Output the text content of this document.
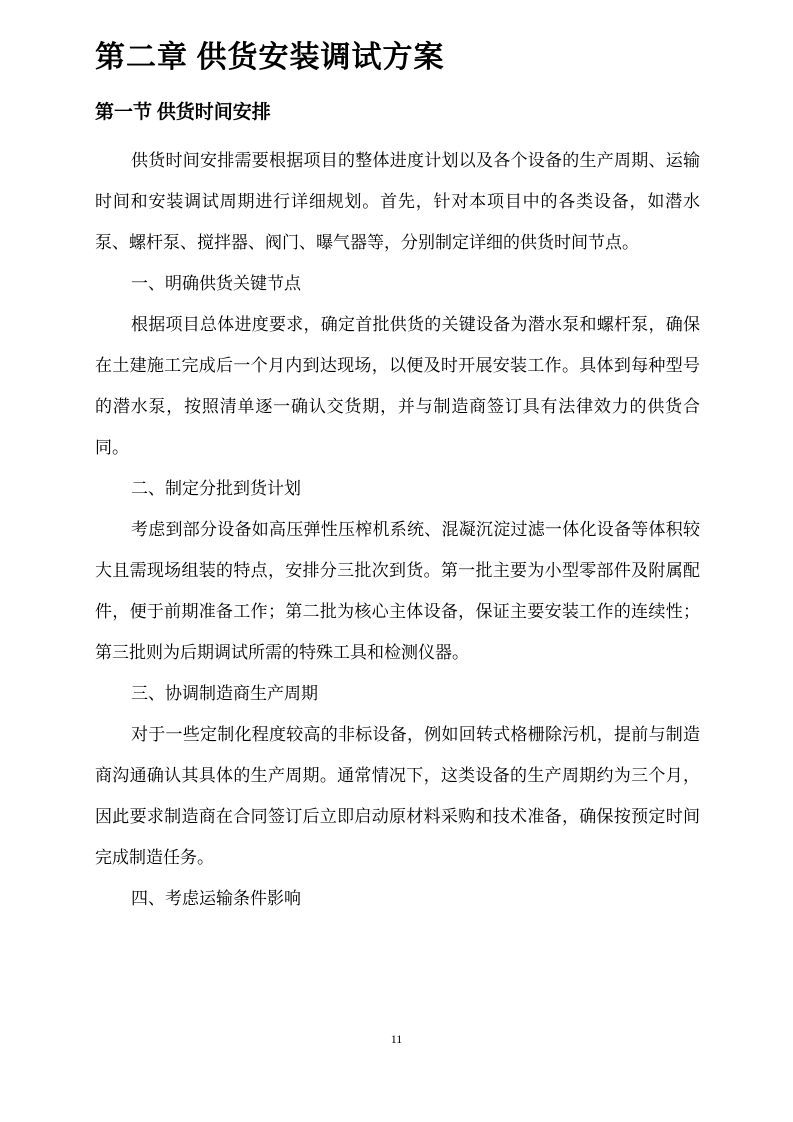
第二章 供货安装调试方案
第一节 供货时间安排

供货时间安排需要根据项目的整体进度计划以及各个设备的生产周期、运输时间和安装调试周期进行详细规划。首先，针对本项目中的各类设备，如潜水泵、螺杆泵、搅拌器、阀门、曝气器等，分别制定详细的供货时间节点。

一、明确供货关键节点

根据项目总体进度要求，确定首批供货的关键设备为潜水泵和螺杆泵，确保在土建施工完成后一个月内到达现场，以便及时开展安装工作。具体到每种型号的潜水泵，按照清单逐一确认交货期，并与制造商签订具有法律效力的供货合同。

二、制定分批到货计划

考虑到部分设备如高压弹性压榨机系统、混凝沉淀过滤一体化设备等体积较大且需现场组装的特点，安排分三批次到货。第一批主要为小型零部件及附属配件，便于前期准备工作；第二批为核心主体设备，保证主要安装工作的连续性；第三批则为后期调试所需的特殊工具和检测仪器。

三、协调制造商生产周期

对于一些定制化程度较高的非标设备，例如回转式格栅除污机，提前与制造商沟通确认其具体的生产周期。通常情况下，这类设备的生产周期约为三个月，因此要求制造商在合同签订后立即启动原材料采购和技术准备，确保按预定时间完成制造任务。

四、考虑运输条件影响

11
